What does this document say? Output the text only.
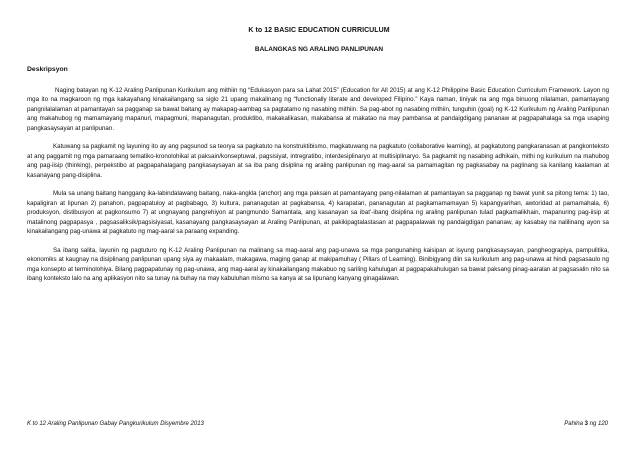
K to 12 BASIC EDUCATION CURRICULUM
BALANGKAS NG ARALING PANLIPUNAN
Deskripsyon

Naging batayan ng K-12 Araling Panlipunan Kurikulum ang mithiin ng “Edukasyon para sa Lahat 2015” (Education for All 2015) at ang K-12 Philippine Basic Education Curriculum Framework. Layon ng mga ito na magkaroon ng mga kakayahang kinakailangang sa siglo 21 upang makalinang ng “functionally literate and developed Filipino.” Kaya naman, tiniyak na ang mga binuong nilalaman, pamantayang pangnilalalaman at pamantayan sa pagganap sa bawat baitang ay makapag-aambag sa pagtatamo ng nasabing mithiin. Sa pag-abot ng nasabing mithiin, tunguhin (goal) ng K-12 Kurikulum ng Araling Panlipunan ang makahubog ng mamamayang mapanuri, mapagmuni, mapanagutan, produktibo, makakalikasan, makabansa at makatao na may pambansa at pandaigdigang pananaw at pagpapahalaga sa mga usaping pangkasaysayan at panlipunan.

Katuwang sa pagkamit ng layuning ito ay ang pagsunod sa teorya sa pagkatuto na konstruktibismo, magkatuwang na pagkatuto (collaborative learning), at pagkatutong pangkaranasan at pangkonteksto at ang paggamit ng mga pamaraang tematiko-kronolohikal at paksain/konseptuwal, pagsisiyat, intregratibo, interdesiplinaryo at multisiplinaryo. Sa pagkamit ng nasabing adhikain, mithi ng kurikulum na mahubog ang pag-iisip (thinking), perpekstibo at pagpapahalagang pangkasaysayan at sa iba pang disiplina ng araling panlipunan ng mag-aaral sa pamamagitan ng pagkasabay na paglinang sa kanilang kaalaman at kasanayang pang-disiplina.

Mula sa unang baitang hanggang ika-labindalawang baitang, naka-angkla (anchor) ang mga paksain at pamantayang pang-nilalaman at pamantayan sa pagganap ng bawat yunit sa pitong tema: 1) tao, kapaligiran at lipunan 2) panahon, pagpapatuloy at pagbabago, 3) kultura, pananagutan at pagkabansa, 4) karapatan, pananagutan at pagkamamamayan 5) kapangyarihan, awtoridad at pamamahala, 6) produksyon, distibusyon at pagkonsumo 7) at ungnayang pangrehiyon at pangmundo Samantala, ang kasanayan sa ibat’-ibang disiplina ng araling panlipunan tulad pagkamalikhain, mapanuring pag-iisip at matalinong pagpapasya , pagsasaliksik/pagsisiyasat, kasanayang pangkasaysayan at Araling Panlipunan, at pakikipagtalastasan at pagpapalawak ng pandaigdigan pananaw, ay kasabay na nalilinang ayon sa kinakailangang pag-unawa at pagkatuto ng mag-aaral sa paraang expanding.

Sa ibang salita, layunin ng pagtuturo ng K-12 Araling Panlipunan na malinang sa mag-aaral ang pag-unawa sa mga pangunahing kaisipan at isyung pangkasaysayan, pangheograpiya, pampulitika, ekonomiks at kaugnay na disiplinang panlipunan upang siya ay makaalam, makagawa, maging ganap at makipamuhay ( Pillars of Learning). Binibigyang diin sa kurikulum ang pag-unawa at hindi pagsasaulo ng mga konsepto at terminolohiya. Bilang pagpapatunay ng pag-unawa, ang mag-aaral ay kinakailangang makabuo ng sariling kahulugan at pagpapakahulugan sa bawat paksang pinag-aaralan at pagsasalin nito sa ibang konteksto lalo na ang aplikasyon nito sa tunay na buhay na may kabuluhan mismo sa kanya at sa lipunang kanyang ginagalawan.

K to 12 Araling Panlipunan Gabay Pangkurikulum Disyembre 2013	Pahina 3 ng 120
